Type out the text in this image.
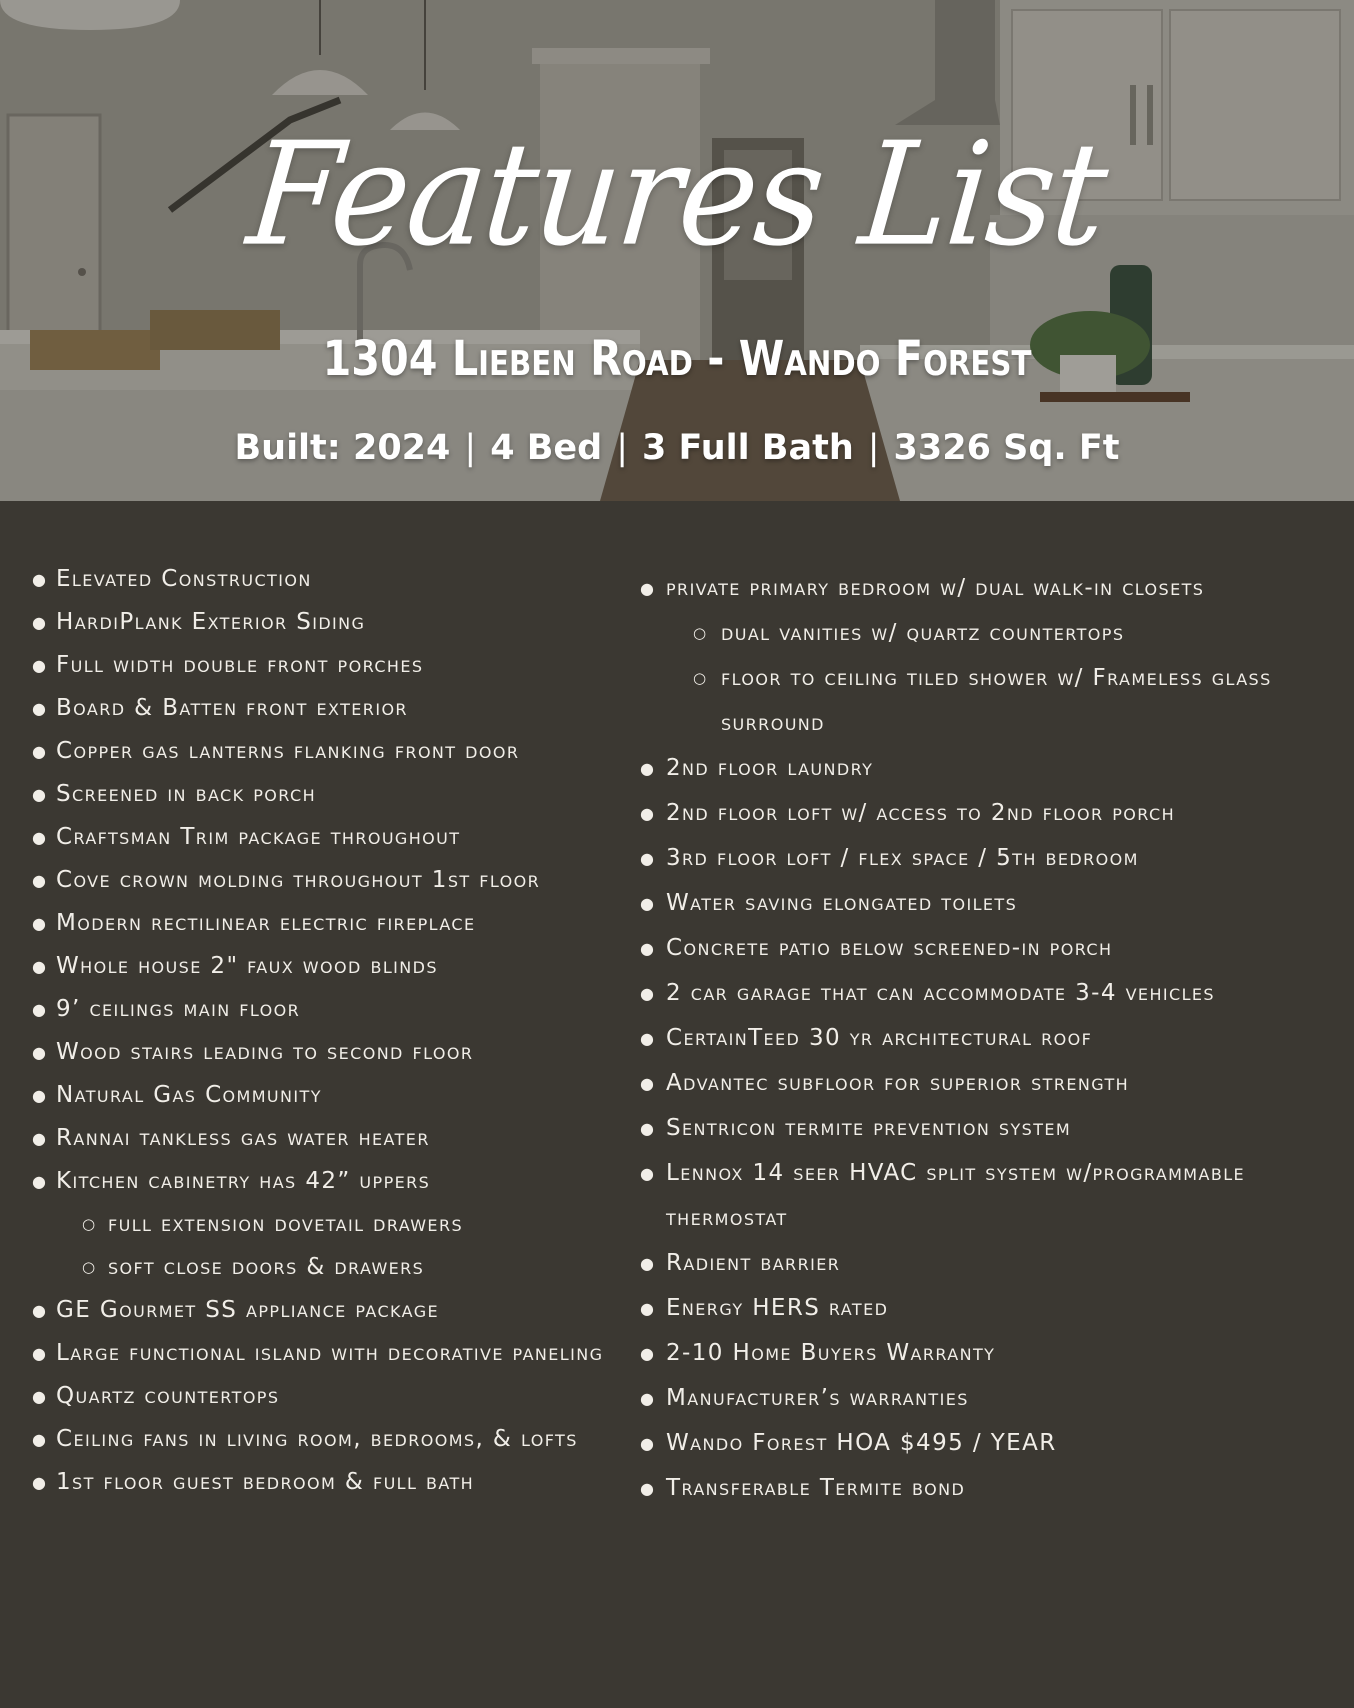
Features List
1304 Lieben Road - Wando Forest
Built: 2024 | 4 Bed | 3 Full Bath | 3326 Sq. Ft
● Elevated Construction
● HardiPlank Exterior Siding
● Full width double front porches
● Board & Batten front exterior
● Copper gas lanterns flanking front door
● Screened in back porch
● Craftsman Trim package throughout
● Cove crown molding throughout 1st floor
● Modern rectilinear electric fireplace
● Whole house 2" faux wood blinds
● 9’ ceilings main floor
● Wood stairs leading to second floor
● Natural Gas Community
● Rannai tankless gas water heater
● Kitchen cabinetry has 42” uppers
○ full extension dovetail drawers
○ soft close doors & drawers
● GE Gourmet SS appliance package
● Large functional island with decorative paneling
● Quartz countertops
● Ceiling fans in living room, bedrooms, & lofts
● 1st floor guest bedroom & full bath
● private primary bedroom w/ dual walk-in closets
○ dual vanities w/ quartz countertops
○ floor to ceiling tiled shower w/ Frameless glass surround
● 2nd floor laundry
● 2nd floor loft w/ access to 2nd floor porch
● 3rd floor loft / flex space / 5th bedroom
● Water saving elongated toilets
● Concrete patio below screened-in porch
● 2 car garage that can accommodate 3-4 vehicles
● CertainTeed 30 yr architectural roof
● Advantec subfloor for superior strength
● Sentricon termite prevention system
● Lennox 14 seer HVAC split system w/programmable thermostat
● Radient barrier
● Energy HERS rated
● 2-10 Home Buyers Warranty
● Manufacturer’s warranties
● Wando Forest HOA $495 / YEAR
● Transferable Termite bond
